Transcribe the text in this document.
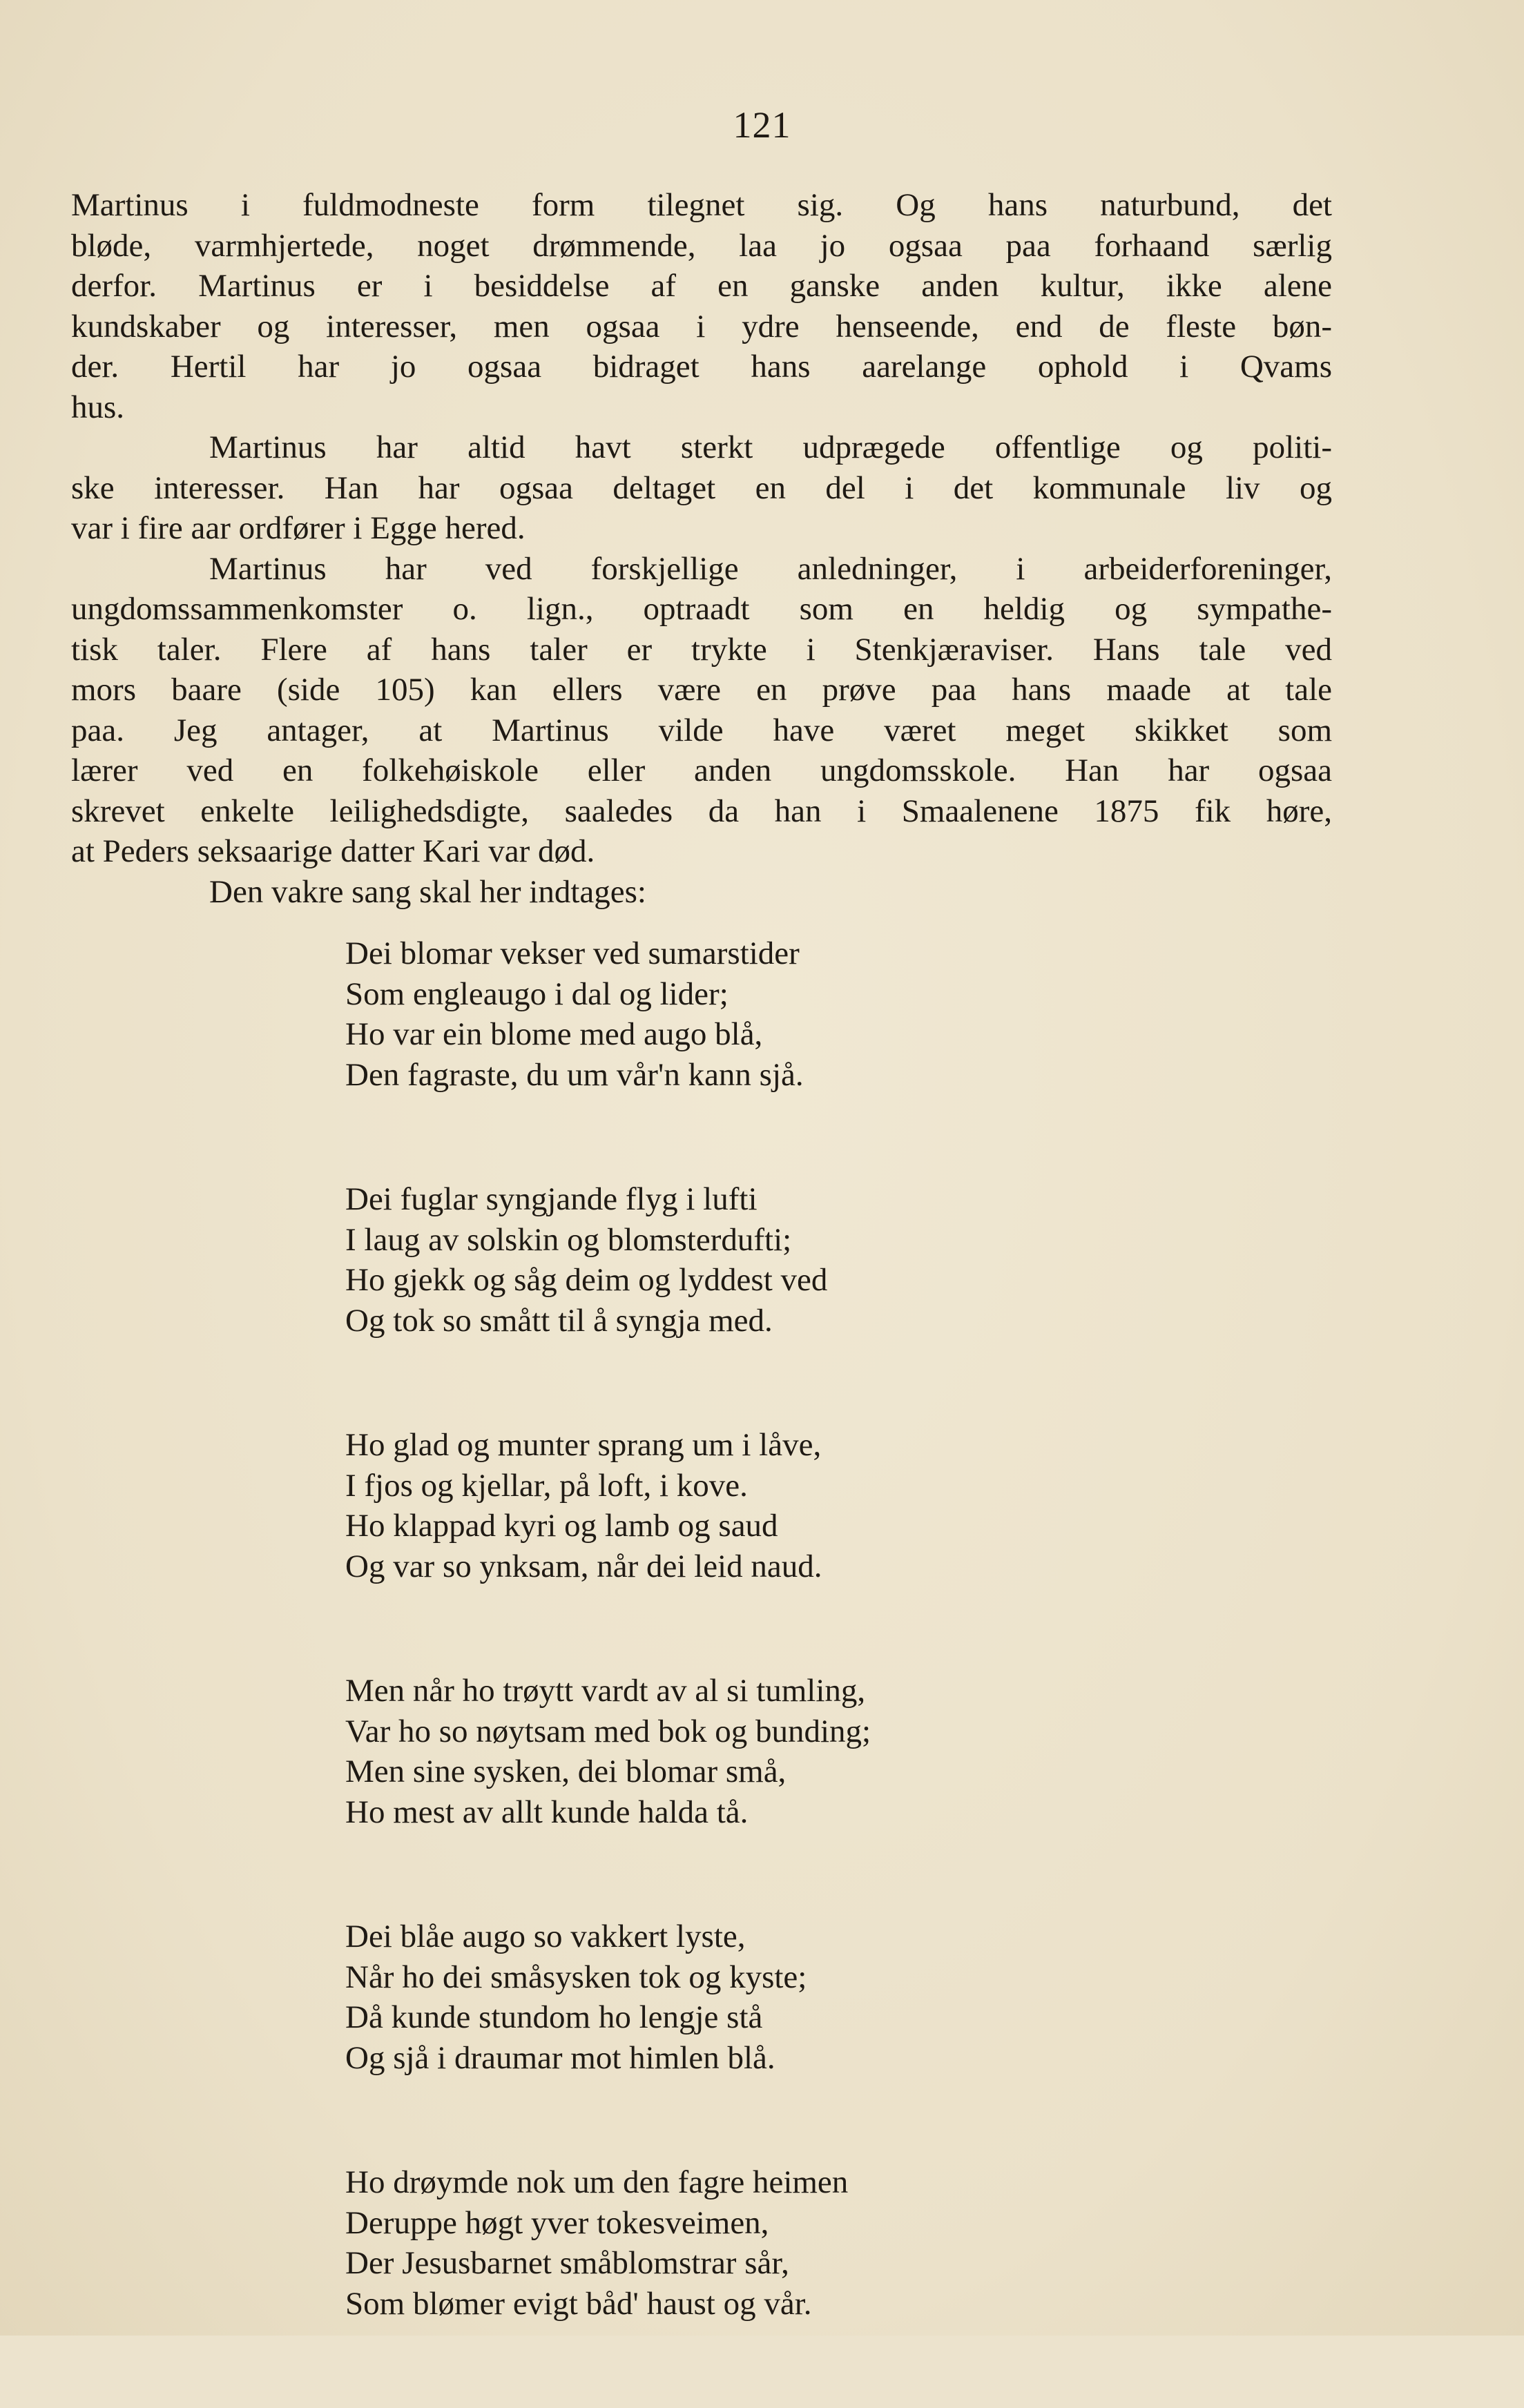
121

Martinus i fuldmodneste form tilegnet sig. Og hans naturbund, det
bløde, varmhjertede, noget drømmende, laa jo ogsaa paa forhaand særlig
derfor. Martinus er i besiddelse af en ganske anden kultur, ikke alene
kundskaber og interesser, men ogsaa i ydre henseende, end de fleste bøn-
der. Hertil har jo ogsaa bidraget hans aarelange ophold i Qvams
hus.

Martinus har altid havt sterkt udprægede offentlige og politi-
ske interesser. Han har ogsaa deltaget en del i det kommunale liv og
var i fire aar ordfører i Egge hered.

Martinus har ved forskjellige anledninger, i arbeiderforeninger,
ungdomssammenkomster o. lign., optraadt som en heldig og sympathe-
tisk taler. Flere af hans taler er trykte i Stenkjæraviser. Hans tale ved
mors baare (side 105) kan ellers være en prøve paa hans maade at tale
paa. Jeg antager, at Martinus vilde have været meget skikket som
lærer ved en folkehøiskole eller anden ungdomsskole. Han har ogsaa
skrevet enkelte leilighedsdigte, saaledes da han i Smaalenene 1875 fik høre,
at Peders seksaarige datter Kari var død.

Den vakre sang skal her indtages:

Dei blomar vekser ved sumarstider
Som engleaugo i dal og lider;
Ho var ein blome med augo blå,
Den fagraste, du um vår'n kann sjå.
Dei fuglar syngjande flyg i lufti
I laug av solskin og blomsterdufti;
Ho gjekk og såg deim og lyddest ved
Og tok so smått til å syngja med.
Ho glad og munter sprang um i låve,
I fjos og kjellar, på loft, i kove.
Ho klappad kyri og lamb og saud
Og var so ynksam, når dei leid naud.
Men når ho trøytt vardt av al si tumling,
Var ho so nøytsam med bok og bunding;
Men sine sysken, dei blomar små,
Ho mest av allt kunde halda tå.
Dei blåe augo so vakkert lyste,
Når ho dei småsysken tok og kyste;
Då kunde stundom ho lengje stå
Og sjå i draumar mot himlen blå.
Ho drøymde nok um den fagre heimen
Deruppe høgt yver tokesveimen,
Der Jesusbarnet småblomstrar sår,
Som blømer evigt båd' haust og vår.
